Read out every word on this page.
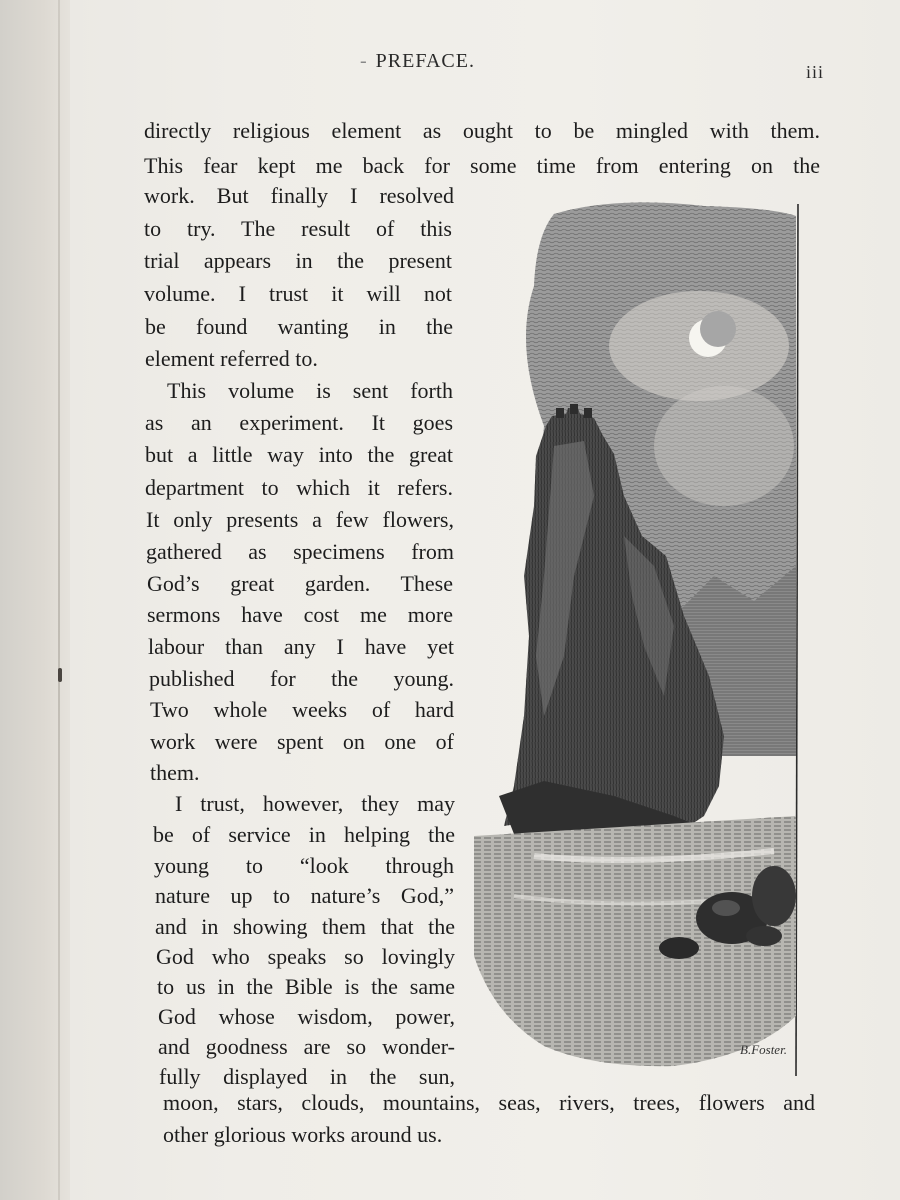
- PREFACE.	iii
directly religious element as ought to be mingled with them.
This fear kept me back for some time from entering on the
work. But finally I resolved
to try. The result of this
trial appears in the present
volume. I trust it will not
be found wanting in the
element referred to.
This volume is sent forth
as an experiment. It goes
but a little way into the great
department to which it refers.
It only presents a few flowers,
gathered as specimens from
God’s great garden. These
sermons have cost me more
labour than any I have yet
published for the young.
Two whole weeks of hard
work were spent on one of
them.
I trust, however, they may
be of service in helping the
young to “look through
nature up to nature’s God,”
and in showing them that the
God who speaks so lovingly
to us in the Bible is the same
God whose wisdom, power,
and goodness are so wonder-
fully displayed in the sun,
moon, stars, clouds, mountains, seas, rivers, trees, flowers and
other glorious works around us.
B.Foster.
